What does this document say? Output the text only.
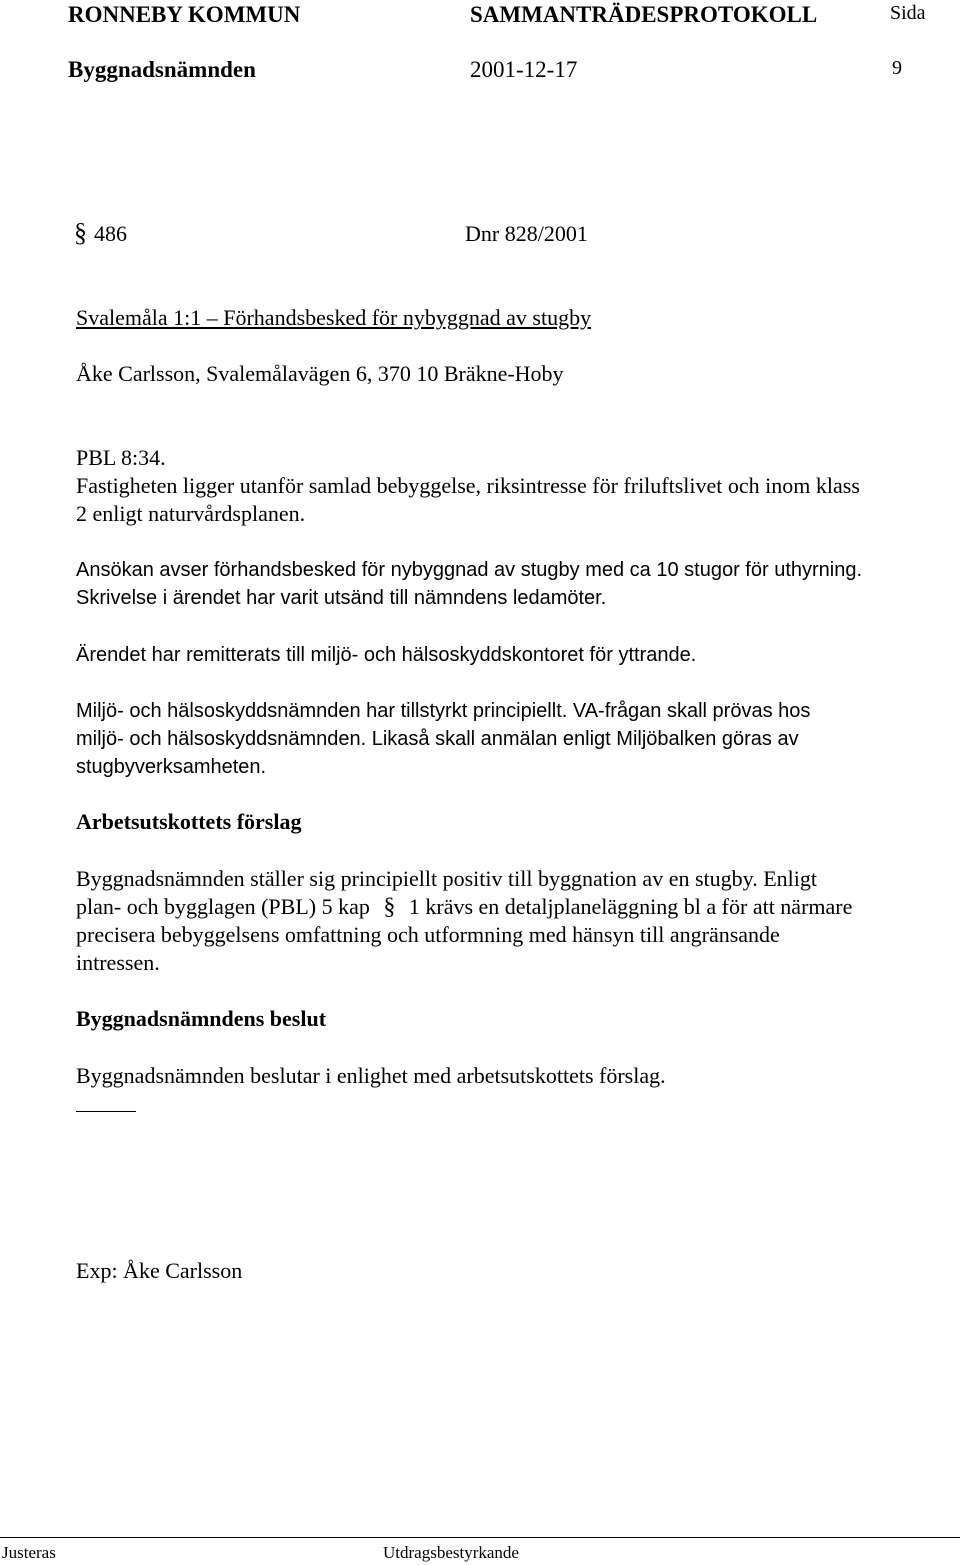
RONNEBY KOMMUN	SAMMANTRÄDESPROTOKOLL	Sida
Byggnadsnämnden	2001-12-17	9
§ 486	Dnr 828/2001
Svalemåla 1:1 – Förhandsbesked för nybyggnad av stugby
Åke Carlsson, Svalemålavägen 6, 370 10 Bräkne-Hoby
PBL 8:34.
Fastigheten ligger utanför samlad bebyggelse, riksintresse för friluftslivet och inom klass
2 enligt naturvårdsplanen.
Ansökan avser förhandsbesked för nybyggnad av stugby med ca 10 stugor för uthyrning.
Skrivelse i ärendet har varit utsänd till nämndens ledamöter.
Ärendet har remitterats till miljö- och hälsoskyddskontoret för yttrande.
Miljö- och hälsoskyddsnämnden har tillstyrkt principiellt. VA-frågan skall prövas hos
miljö- och hälsoskyddsnämnden. Likaså skall anmälan enligt Miljöbalken göras av
stugbyverksamheten.
Arbetsutskottets förslag
Byggnadsnämnden ställer sig principiellt positiv till byggnation av en stugby. Enligt
plan- och bygglagen (PBL) 5 kap § 1 krävs en detaljplaneläggning bl a för att närmare
precisera bebyggelsens omfattning och utformning med hänsyn till angränsande
intressen.
Byggnadsnämndens beslut
Byggnadsnämnden beslutar i enlighet med arbetsutskottets förslag.
Exp: Åke Carlsson
Justeras	Utdragsbestyrkande
